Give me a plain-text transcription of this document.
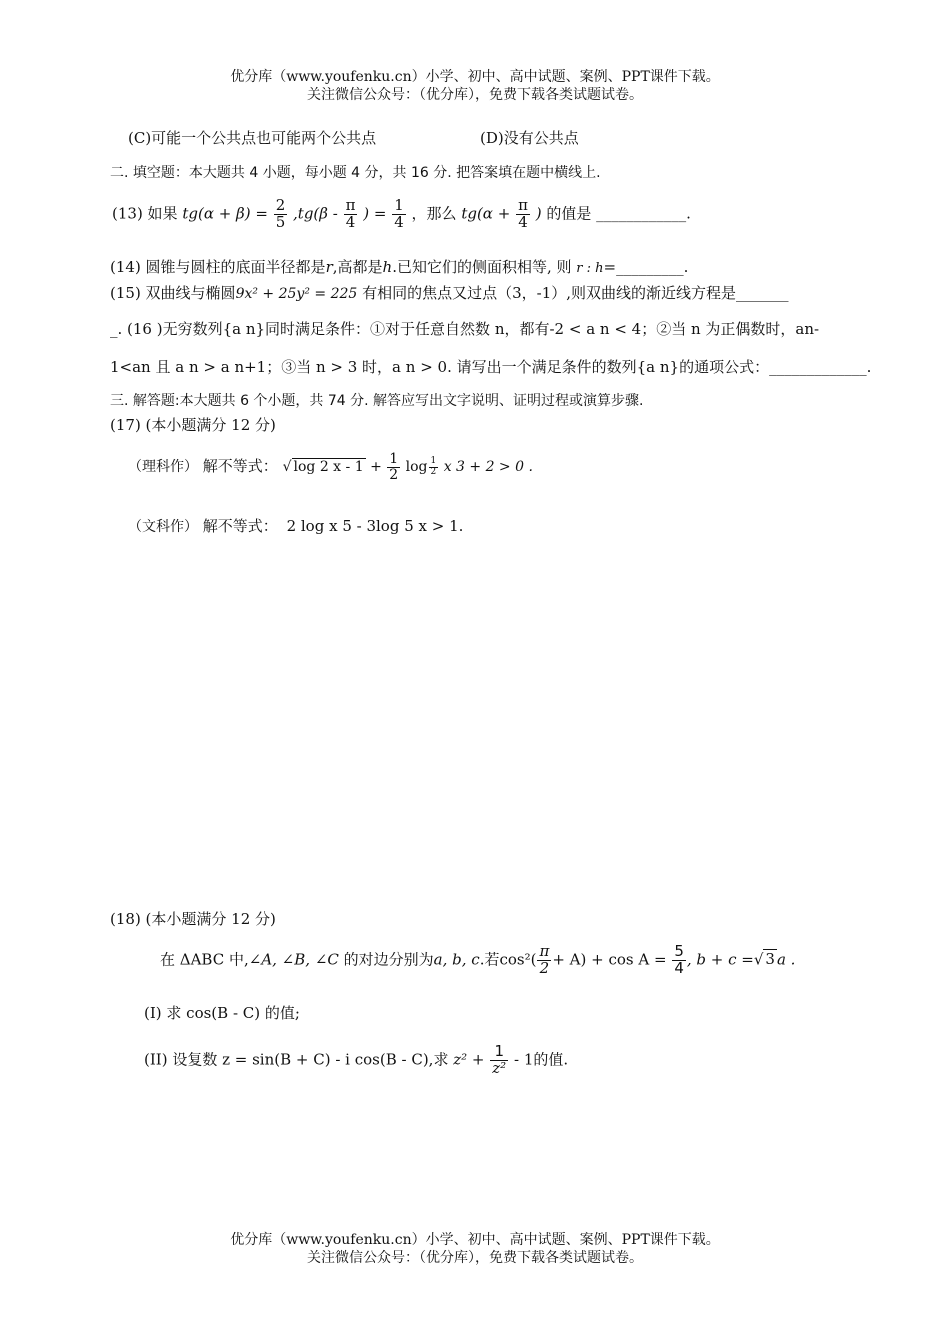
优分库（www.youfenku.cn）小学、初中、高中试题、案例、PPT课件下载。
关注微信公众号：（优分库），免费下载各类试题试卷。
(C)可能一个公共点也可能两个公共点	(D)没有公共点
二. 填空题：本大题共 4 小题，每小题 4 分，共 16 分. 把答案填在题中横线上.
(13) 如果 $tg(\alpha + \beta) = \frac{2}{5} ,tg(\beta - \frac{\pi}{4}$ ) = $\frac{1}{4}$ ，那么 $tg(\alpha + \frac{\pi}{4}$ ) 的值是 ____________.
(14) 圆锥与圆柱的底面半径都是r,高都是h.已知它们的侧面积相等, 则 r : h=_________.
(15) 双曲线与椭圆9x² + 25y² = 225 有相同的焦点又过点（3，-1）,则双曲线的渐近线方程是_______
_. (16 )无穷数列{a n}同时满足条件：①对于任意自然数 n，都有-2 < a n < 4；②当 n 为正偶数时，an-
1<an 且 a n > a n+1；③当 n > 3 时，a n > 0. 请写出一个满足条件的数列{a n}的通项公式：_____________.
三. 解答题:本大题共 6 个小题，共 74 分. 解答应写出文字说明、证明过程或演算步骤.
(17) (本小题满分 12 分)
（理科作） 解不等式： √ log 2 $x - 1 + \frac{1}{2}$ $\log \frac{1}{2}$ x 3 + 2 > 0 .
（文科作） 解不等式： 2 log x 5 - 3log 5 x > 1.
(18) (本小题满分 12 分)
在 ΔABC 中,∠A, ∠B, ∠C 的对边分别为a, b, c.若$\cos^2( \frac{\pi}{2} + A) + \cos A = \frac{5}{4}$ , b + c =√ 3 a .
(I) 求 cos(B - C) 的值;
(II) 设复数 z = sin(B + C) - i cos(B - C),求 $z^2 + \frac{1}{\text{z²}} - 1$的值.
优分库（www.youfenku.cn）小学、初中、高中试题、案例、PPT课件下载。
关注微信公众号：（优分库），免费下载各类试题试卷。
